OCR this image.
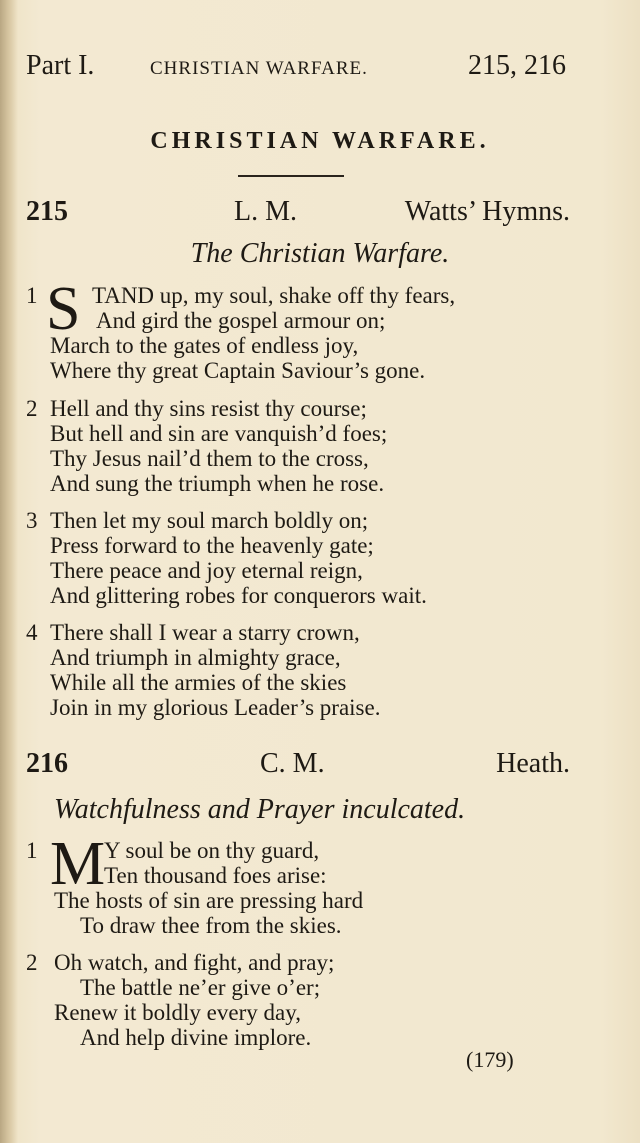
Part I.	CHRISTIAN WARFARE.	215, 216
CHRISTIAN WARFARE.
215	L. M.	Watts’ Hymns.
The Christian Warfare.
1 S TAND up, my soul, shake off thy fears,
And gird the gospel armour on;
March to the gates of endless joy,
Where thy great Captain Saviour’s gone.
2 Hell and thy sins resist thy course;
But hell and sin are vanquish’d foes;
Thy Jesus nail’d them to the cross,
And sung the triumph when he rose.
3 Then let my soul march boldly on;
Press forward to the heavenly gate;
There peace and joy eternal reign,
And glittering robes for conquerors wait.
4 There shall I wear a starry crown,
And triumph in almighty grace,
While all the armies of the skies
Join in my glorious Leader’s praise.
216	C. M.	Heath.
Watchfulness and Prayer inculcated.
1 M
Y soul be on thy guard,
Ten thousand foes arise:
The hosts of sin are pressing hard
To draw thee from the skies.
2 Oh watch, and fight, and pray;
The battle ne’er give o’er;
Renew it boldly every day,
And help divine implore.
(179)
